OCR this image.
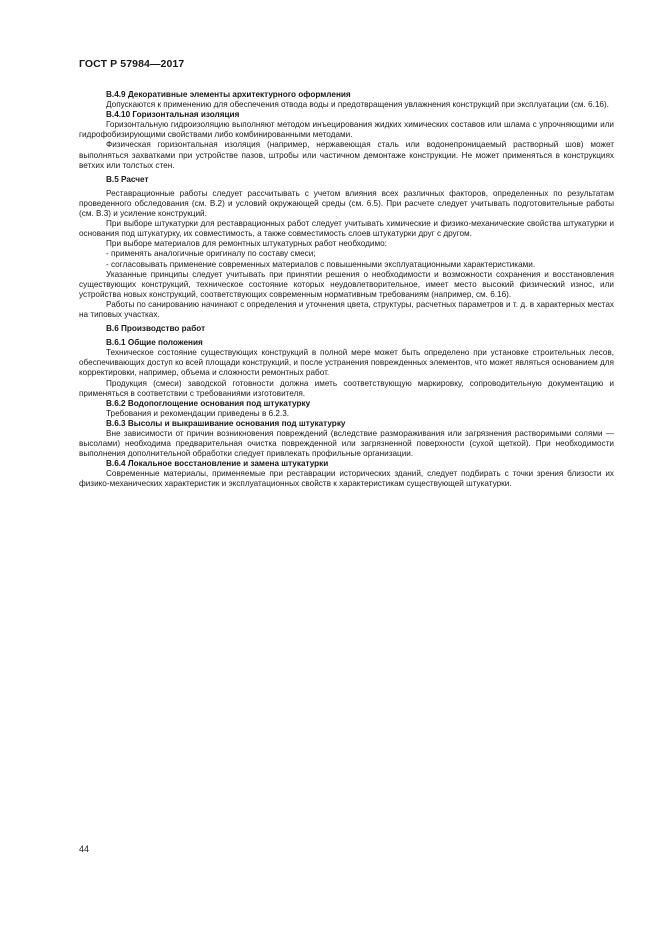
ГОСТ Р 57984—2017

В.4.9 Декоративные элементы архитектурного оформления

Допускаются к применению для обеспечения отвода воды и предотвращения увлажнения конструкций при эксплуатации (см. 6.16).

В.4.10 Горизонтальная изоляция

Горизонтальную гидроизоляцию выполняют методом инъецирования жидких химических составов или шлама с упрочняющими или гидрофобизирующими свойствами либо комбинированными методами.

Физическая горизонтальная изоляция (например, нержавеющая сталь или водонепроницаемый растворный шов) может выполняться захватками при устройстве пазов, штробы или частичном демонтаже конструкции. Не может применяться в конструкциях ветхих или толстых стен.

В.5 Расчет

Реставрационные работы следует рассчитывать с учетом влияния всех различных факторов, определенных по результатам проведенного обследования (см. В.2) и условий окружающей среды (см. 6.5). При расчете следует учитывать подготовительные работы (см. В.3) и усиление конструкций.

При выборе штукатурки для реставрационных работ следует учитывать химические и физико-механические свойства штукатурки и основания под штукатурку, их совместимость, а также совместимость слоев штукатурки друг с другом.

При выборе материалов для ремонтных штукатурных работ необходимо:

- применять аналогичные оригиналу по составу смеси;

- согласовывать применение современных материалов с повышенными эксплуатационными характеристиками.

Указанные принципы следует учитывать при принятии решения о необходимости и возможности сохранения и восстановления существующих конструкций, техническое состояние которых неудовлетворительное, имеет место высокий физический износ, или устройства новых конструкций, соответствующих современным нормативным требованиям (например, см. 6.16).

Работы по санированию начинают с определения и уточнения цвета, структуры, расчетных параметров и т. д. в характерных местах на типовых участках.

В.6 Производство работ

В.6.1 Общие положения

Техническое состояние существующих конструкций в полной мере может быть определено при установке строительных лесов, обеспечивающих доступ ко всей площади конструкций, и после устранения поврежденных элементов, что может являться основанием для корректировки, например, объема и сложности ремонтных работ.

Продукция (смеси) заводской готовности должна иметь соответствующую маркировку, сопроводительную документацию и применяться в соответствии с требованиями изготовителя.

В.6.2 Водопоглощение основания под штукатурку

Требования и рекомендации приведены в 6.2.3.

В.6.3 Высолы и выкрашивание основания под штукатурку

Вне зависимости от причин возникновения повреждений (вследствие размораживания или загрязнения растворимыми солями — высолами) необходима предварительная очистка поврежденной или загрязненной поверхности (сухой щеткой). При необходимости выполнения дополнительной обработки следует привлекать профильные организации.

В.6.4 Локальное восстановление и замена штукатурки

Современные материалы, применяемые при реставрации исторических зданий, следует подбирать с точки зрения близости их физико-механических характеристик и эксплуатационных свойств к характеристикам существующей штукатурки.

44
